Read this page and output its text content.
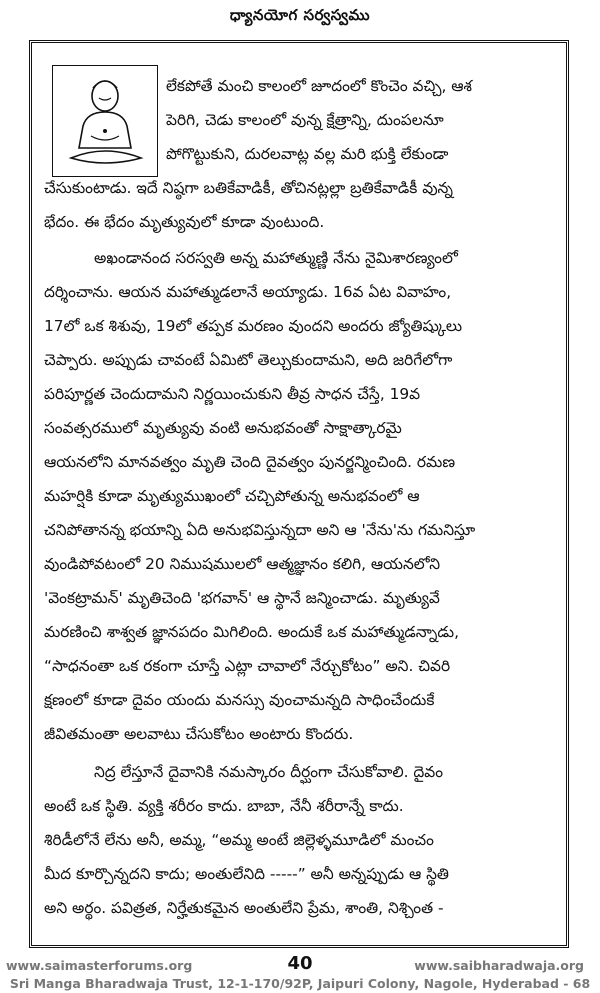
ధ్యానయోగ సర్వస్వము
లేకపోతే మంచి కాలంలో జూదంలో కొంచెం వచ్చి, ఆశ
పెరిగి, చెడు కాలంలో వున్న క్షేత్రాన్ని, దుంపలనూ
పోగొట్టుకుని, దురలవాట్ల వల్ల మరి భుక్తి లేకుండా
చేసుకుంటాడు. ఇదే నిష్ఠగా బతికేవాడికీ, తోచినట్లల్లా బ్రతికేవాడికీ వున్న
భేదం. ఈ భేదం మృత్యువులో కూడా వుంటుంది.
అఖండానంద సరస్వతి అన్న మహాత్ముణ్ణి నేను నైమిశారణ్యంలో
దర్శించాను. ఆయన మహాత్ముడలానే అయ్యాడు. 16వ ఏట వివాహం,
17లో ఒక శిశువు, 19లో తప్పక మరణం వుందని అందరు జ్యోతిష్కులు
చెప్పారు. అప్పుడు చావంటే ఏమిటో తెల్చుకుందామని, అది జరిగేలోగా
పరిపూర్ణత చెందుదామని నిర్ణయించుకుని తీవ్ర సాధన చేస్తే, 19వ
సంవత్సరములో మృత్యువు వంటి అనుభవంతో సాక్షాత్కారమై
ఆయనలోని మానవత్వం మృతి చెంది దైవత్వం పునర్జన్మించింది. రమణ
మహర్షికి కూడా మృత్యుముఖంలో చచ్చిపోతున్న అనుభవంలో ఆ
చనిపోతానన్న భయాన్ని ఏది అనుభవిస్తున్నదా అని ఆ 'నేను'ను గమనిస్తూ
వుండిపోవటంలో 20 నిముషములలో ఆత్మజ్ఞానం కలిగి, ఆయనలోని
'వెంకట్రామన్' మృతిచెంది 'భగవాన్' ఆ స్థానే జన్మించాడు. మృత్యువే
మరణించి శాశ్వత జ్ఞానపదం మిగిలింది. అందుకే ఒక మహాత్ముడన్నాడు,
“సాధనంతా ఒక రకంగా చూస్తే ఎట్లా చావాలో నేర్చుకోటం” అని. చివరి
క్షణంలో కూడా దైవం యందు మనస్సు వుంచామన్నది సాధించేందుకే
జీవితమంతా అలవాటు చేసుకోటం అంటారు కొందరు.
నిద్ర లేస్తూనే దైవానికి నమస్కారం దీర్ఘంగా చేసుకోవాలి. దైవం
అంటే ఒక స్థితి. వ్యక్తి శరీరం కాదు. బాబా, నేనీ శరీరాన్నే కాదు.
శిరిడీలోనే లేను అనీ, అమ్మ, “అమ్మ అంటే జిల్లెళ్ళమూడిలో మంచం
మీద కూర్చొన్నదని కాదు; అంతులేనిది -----” అనీ అన్నప్పుడు ఆ స్థితి
అని అర్థం. పవిత్రత, నిర్హేతుకమైన అంతులేని ప్రేమ, శాంతి, నిశ్చింత -
www.saimasterforums.org	40	www.saibharadwaja.org
Sri Manga Bharadwaja Trust, 12-1-170/92P, Jaipuri Colony, Nagole, Hyderabad - 68
